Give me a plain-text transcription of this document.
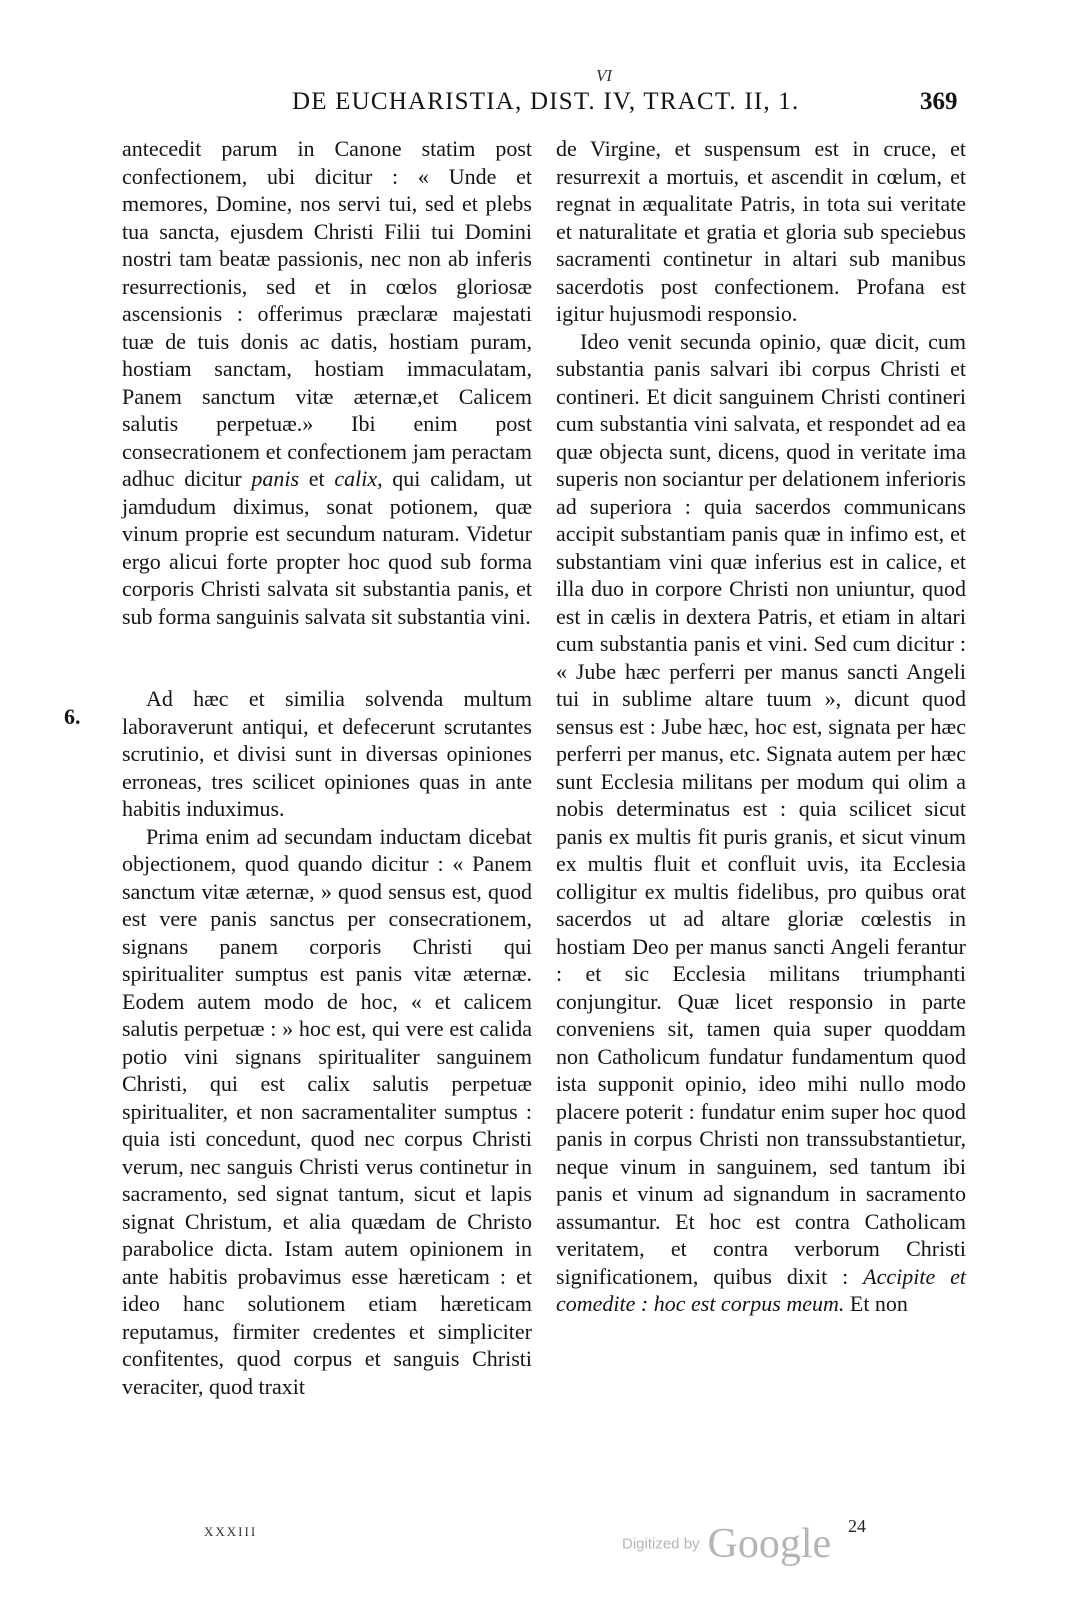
VI
DE EUCHARISTIA, DIST. IV, TRACT. II, 1.	369
6.

antecedit parum in Canone statim post confectionem, ubi dicitur : « Unde et memores, Domine, nos servi tui, sed et plebs tua sancta, ejusdem Christi Filii tui Domini nostri tam beatæ passionis, nec non ab inferis resurrectionis, sed et in cœlos gloriosæ ascensionis : offerimus præclaræ majestati tuæ de tuis donis ac datis, hostiam puram, hostiam sanctam, hostiam immaculatam, Panem sanctum vitæ æternæ,et Calicem salutis perpetuæ.» Ibi enim post consecrationem et confectionem jam peractam adhuc dicitur panis et calix, qui calidam, ut jamdudum diximus, sonat potionem, quæ vinum proprie est secundum naturam. Videtur ergo alicui forte propter hoc quod sub forma corporis Christi salvata sit substantia panis, et sub forma sanguinis salvata sit substantia vini.

Ad hæc et similia solvenda multum laboraverunt antiqui, et defecerunt scrutantes scrutinio, et divisi sunt in diversas opiniones erroneas, tres scilicet opiniones quas in ante habitis induximus.

Prima enim ad secundam inductam dicebat objectionem, quod quando dicitur : « Panem sanctum vitæ æternæ, » quod sensus est, quod est vere panis sanctus per consecrationem, signans panem corporis Christi qui spiritualiter sumptus est panis vitæ æternæ. Eodem autem modo de hoc, « et calicem salutis perpetuæ : » hoc est, qui vere est calida potio vini signans spiritualiter sanguinem Christi, qui est calix salutis perpetuæ spiritualiter, et non sacramentaliter sumptus : quia isti concedunt, quod nec corpus Christi verum, nec sanguis Christi verus continetur in sacramento, sed signat tantum, sicut et lapis signat Christum, et alia quædam de Christo parabolice dicta. Istam autem opinionem in ante habitis probavimus esse hæreticam : et ideo hanc solutionem etiam hæreticam reputamus, firmiter credentes et simpliciter confitentes, quod corpus et sanguis Christi veraciter, quod traxit

de Virgine, et suspensum est in cruce, et resurrexit a mortuis, et ascendit in cœlum, et regnat in æqualitate Patris, in tota sui veritate et naturalitate et gratia et gloria sub speciebus sacramenti continetur in altari sub manibus sacerdotis post confectionem. Profana est igitur hujusmodi responsio.

Ideo venit secunda opinio, quæ dicit, cum substantia panis salvari ibi corpus Christi et contineri. Et dicit sanguinem Christi contineri cum substantia vini salvata, et respondet ad ea quæ objecta sunt, dicens, quod in veritate ima superis non sociantur per delationem inferioris ad superiora : quia sacerdos communicans accipit substantiam panis quæ in infimo est, et substantiam vini quæ inferius est in calice, et illa duo in corpore Christi non uniuntur, quod est in cælis in dextera Patris, et etiam in altari cum substantia panis et vini. Sed cum dicitur : « Jube hæc perferri per manus sancti Angeli tui in sublime altare tuum », dicunt quod sensus est : Jube hæc, hoc est, signata per hæc perferri per manus, etc. Signata autem per hæc sunt Ecclesia militans per modum qui olim a nobis determinatus est : quia scilicet sicut panis ex multis fit puris granis, et sicut vinum ex multis fluit et confluit uvis, ita Ecclesia colligitur ex multis fidelibus, pro quibus orat sacerdos ut ad altare gloriæ cœlestis in hostiam Deo per manus sancti Angeli ferantur : et sic Ecclesia militans triumphanti conjungitur. Quæ licet responsio in parte conveniens sit, tamen quia super quoddam non Catholicum fundatur fundamentum quod ista supponit opinio, ideo mihi nullo modo placere poterit : fundatur enim super hoc quod panis in corpus Christi non transsubstantietur, neque vinum in sanguinem, sed tantum ibi panis et vinum ad signandum in sacramento assumantur. Et hoc est contra Catholicam veritatem, et contra verborum Christi significationem, quibus dixit : Accipite et comedite : hoc est corpus meum. Et non

XXXIII	24
Digitized by Google
